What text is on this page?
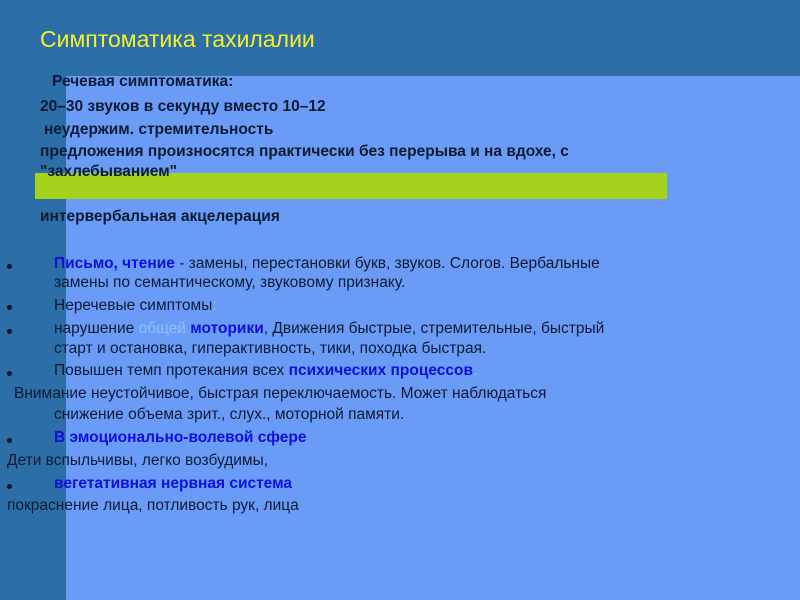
Симптоматика тахилалии
Речевая симптоматика:
20–30 звуков в секунду вместо 10–12
неудержим. стремительность
предложения произносятся практически без перерыва и на вдохе, с
"захлебыванием"
интервербальная акцелерация
Письмо, чтение - замены, перестановки букв, звуков. Слогов. Вербальные
замены по семантическому, звуковому признаку.
Неречевые симптомы:
нарушение общей моторики, Движения быстрые, стремительные, быстрый
старт и остановка, гиперактивность, тики, походка быстрая.
Повышен темп протекания всех психических процессов,
Внимание неустойчивое, быстрая переключаемость. Может наблюдаться
снижение объема зрит., слух., моторной памяти.
В эмоционально-волевой сфере
Дети вспыльчивы, легко возбудимы,
вегетативная нервная система
покраснение лица, потливость рук, лица
